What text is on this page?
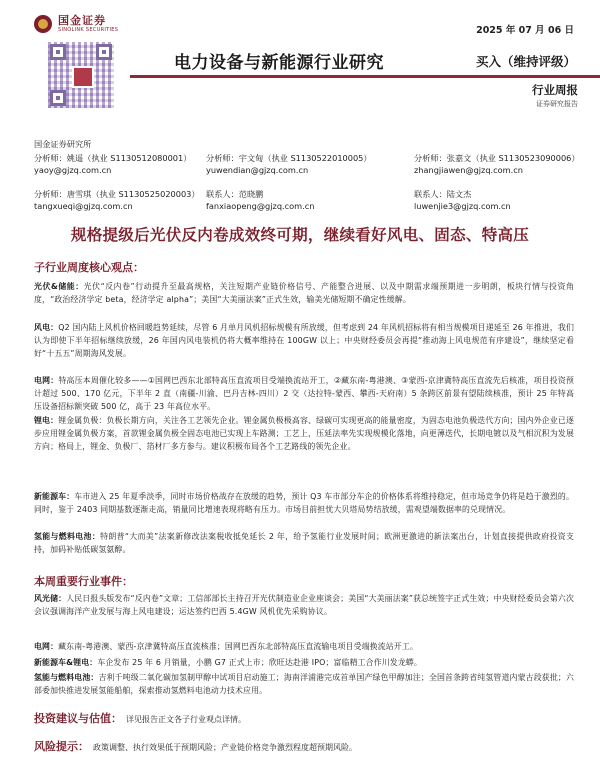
国金证券
SINOLINK SECURITIES	2025 年 07 月 06 日
电力设备与新能源行业研究	买入（维持评级）
行业周报
证券研究报告
国金证券研究所
分析师：姚遥（执业 S1130512080001）
yaoy@gjzq.com.cn
分析师：宇文甸（执业 S1130522010005）
yuwendian@gjzq.com.cn
分析师：张嘉文（执业 S1130523090006）
zhangjiawen@gjzq.com.cn
分析师：唐雪琪（执业 S1130525020003）
tangxueqi@gjzq.com.cn
联系人：范晓鹏
fanxiaopeng@gjzq.com.cn
联系人：陆文杰
luwenjie3@gjzq.com.cn
规格提级后光伏反内卷成效终可期，继续看好风电、固态、特高压
子行业周度核心观点：
光伏&储能：光伏“反内卷”行动提升至最高规格，关注短期产业链价格信号、产能整合进展、以及中期需求端预期进一步明朗，板块行情与投资角度，“政治经济学定 beta，经济学定 alpha”；美国“大美丽法案”正式生效，输美光储短期不确定性缓解。
风电：Q2 国内陆上风机价格回暖趋势延续，尽管 6 月单月风机招标规模有所放缓，但考虑到 24 年风机招标将有相当规模项目递延至 26 年推进，我们认为即使下半年招标继续放缓，26 年国内风电装机仍将大概率维持在 100GW 以上；中央财经委员会再提“推动海上风电规范有序建设”，继续坚定看好“十五五”周期海风发展。
电网：特高压本周催化较多——①国网巴西东北部特高压直流项目受端换流站开工，②藏东南-粤港澳、③蒙西-京津冀特高压直流先后核准，项目投资预计超过 500、170 亿元，下半年 2 直（南疆-川渝、巴丹吉林-四川）2 交（达拉特-蒙西、攀西-天府南）5 条跨区前景有望陆续核准，预计 25 年特高压设备招标额突破 500 亿，高于 23 年高位水平。
锂电：锂金属负极：负极长期方向，关注各工艺领先企业。锂金属负极极高容、绿碳可实现更高的能量密度，为固态电池负极迭代方向；国内外企业已逐步应用锂金属负极方案，首款锂金属负极全固态电池已实现上车路测；工艺上，压延法率先实现规模化落地，向更薄迭代，长期电镀以及气相沉积为发展方向；格局上，锂金、负极厂、箔材厂多方参与。建议积极布局各个工艺路线的领先企业。
新能源车：车市进入 25 年夏季淡季，同时市场价格战存在放缓的趋势，预计 Q3 车市部分车企的价格体系将维持稳定，但市场竞争仍将是趋于激烈的。同时，鉴于 2403 同期基数逐渐走高，销量同比增速表现将略有压力。市场目前担忧大贝塔局势结放缓，需观望端数据率的兑现情况。
氢能与燃料电池：特朗普“大而美”法案新修改法案税收抵免延长 2 年，给予氢能行业发展时间；欧洲更激进的新法案出台，计划直接提供政府投资支持，加码补贴低碳氢氨醇。
本周重要行业事件：
风光储：人民日报头版发布“反内卷”文章；工信部部长主持召开光伏制造业企业座谈会；美国“大美丽法案”获总统签字正式生效；中央财经委员会第六次会议强调海洋产业发展与海上风电建设；运达签约巴西 5.4GW 风机优先采购协议。
电网：藏东南-粤港澳、蒙西-京津冀特高压直流核准；国网巴西东北部特高压直流输电项目受端换流站开工。
新能源车&锂电：车企发布 25 年 6 月销量，小鹏 G7 正式上市；欣旺达赴港 IPO；富临精工合作川发龙蟒。
氢能与燃料电池：吉利千吨级二氧化碳加氢制甲醇中试项目启动施工；海南洋浦港完成首单国产绿色甲醇加注；全国首条跨省纯氢管道内蒙古段获批；六部委加快推进发展氢能船舶，探索推动氢燃料电池动力技术应用。
投资建议与估值： 详见报告正文各子行业观点详情。
风险提示： 政策调整、执行效果低于预期风险；产业链价格竞争激烈程度超预期风险。
